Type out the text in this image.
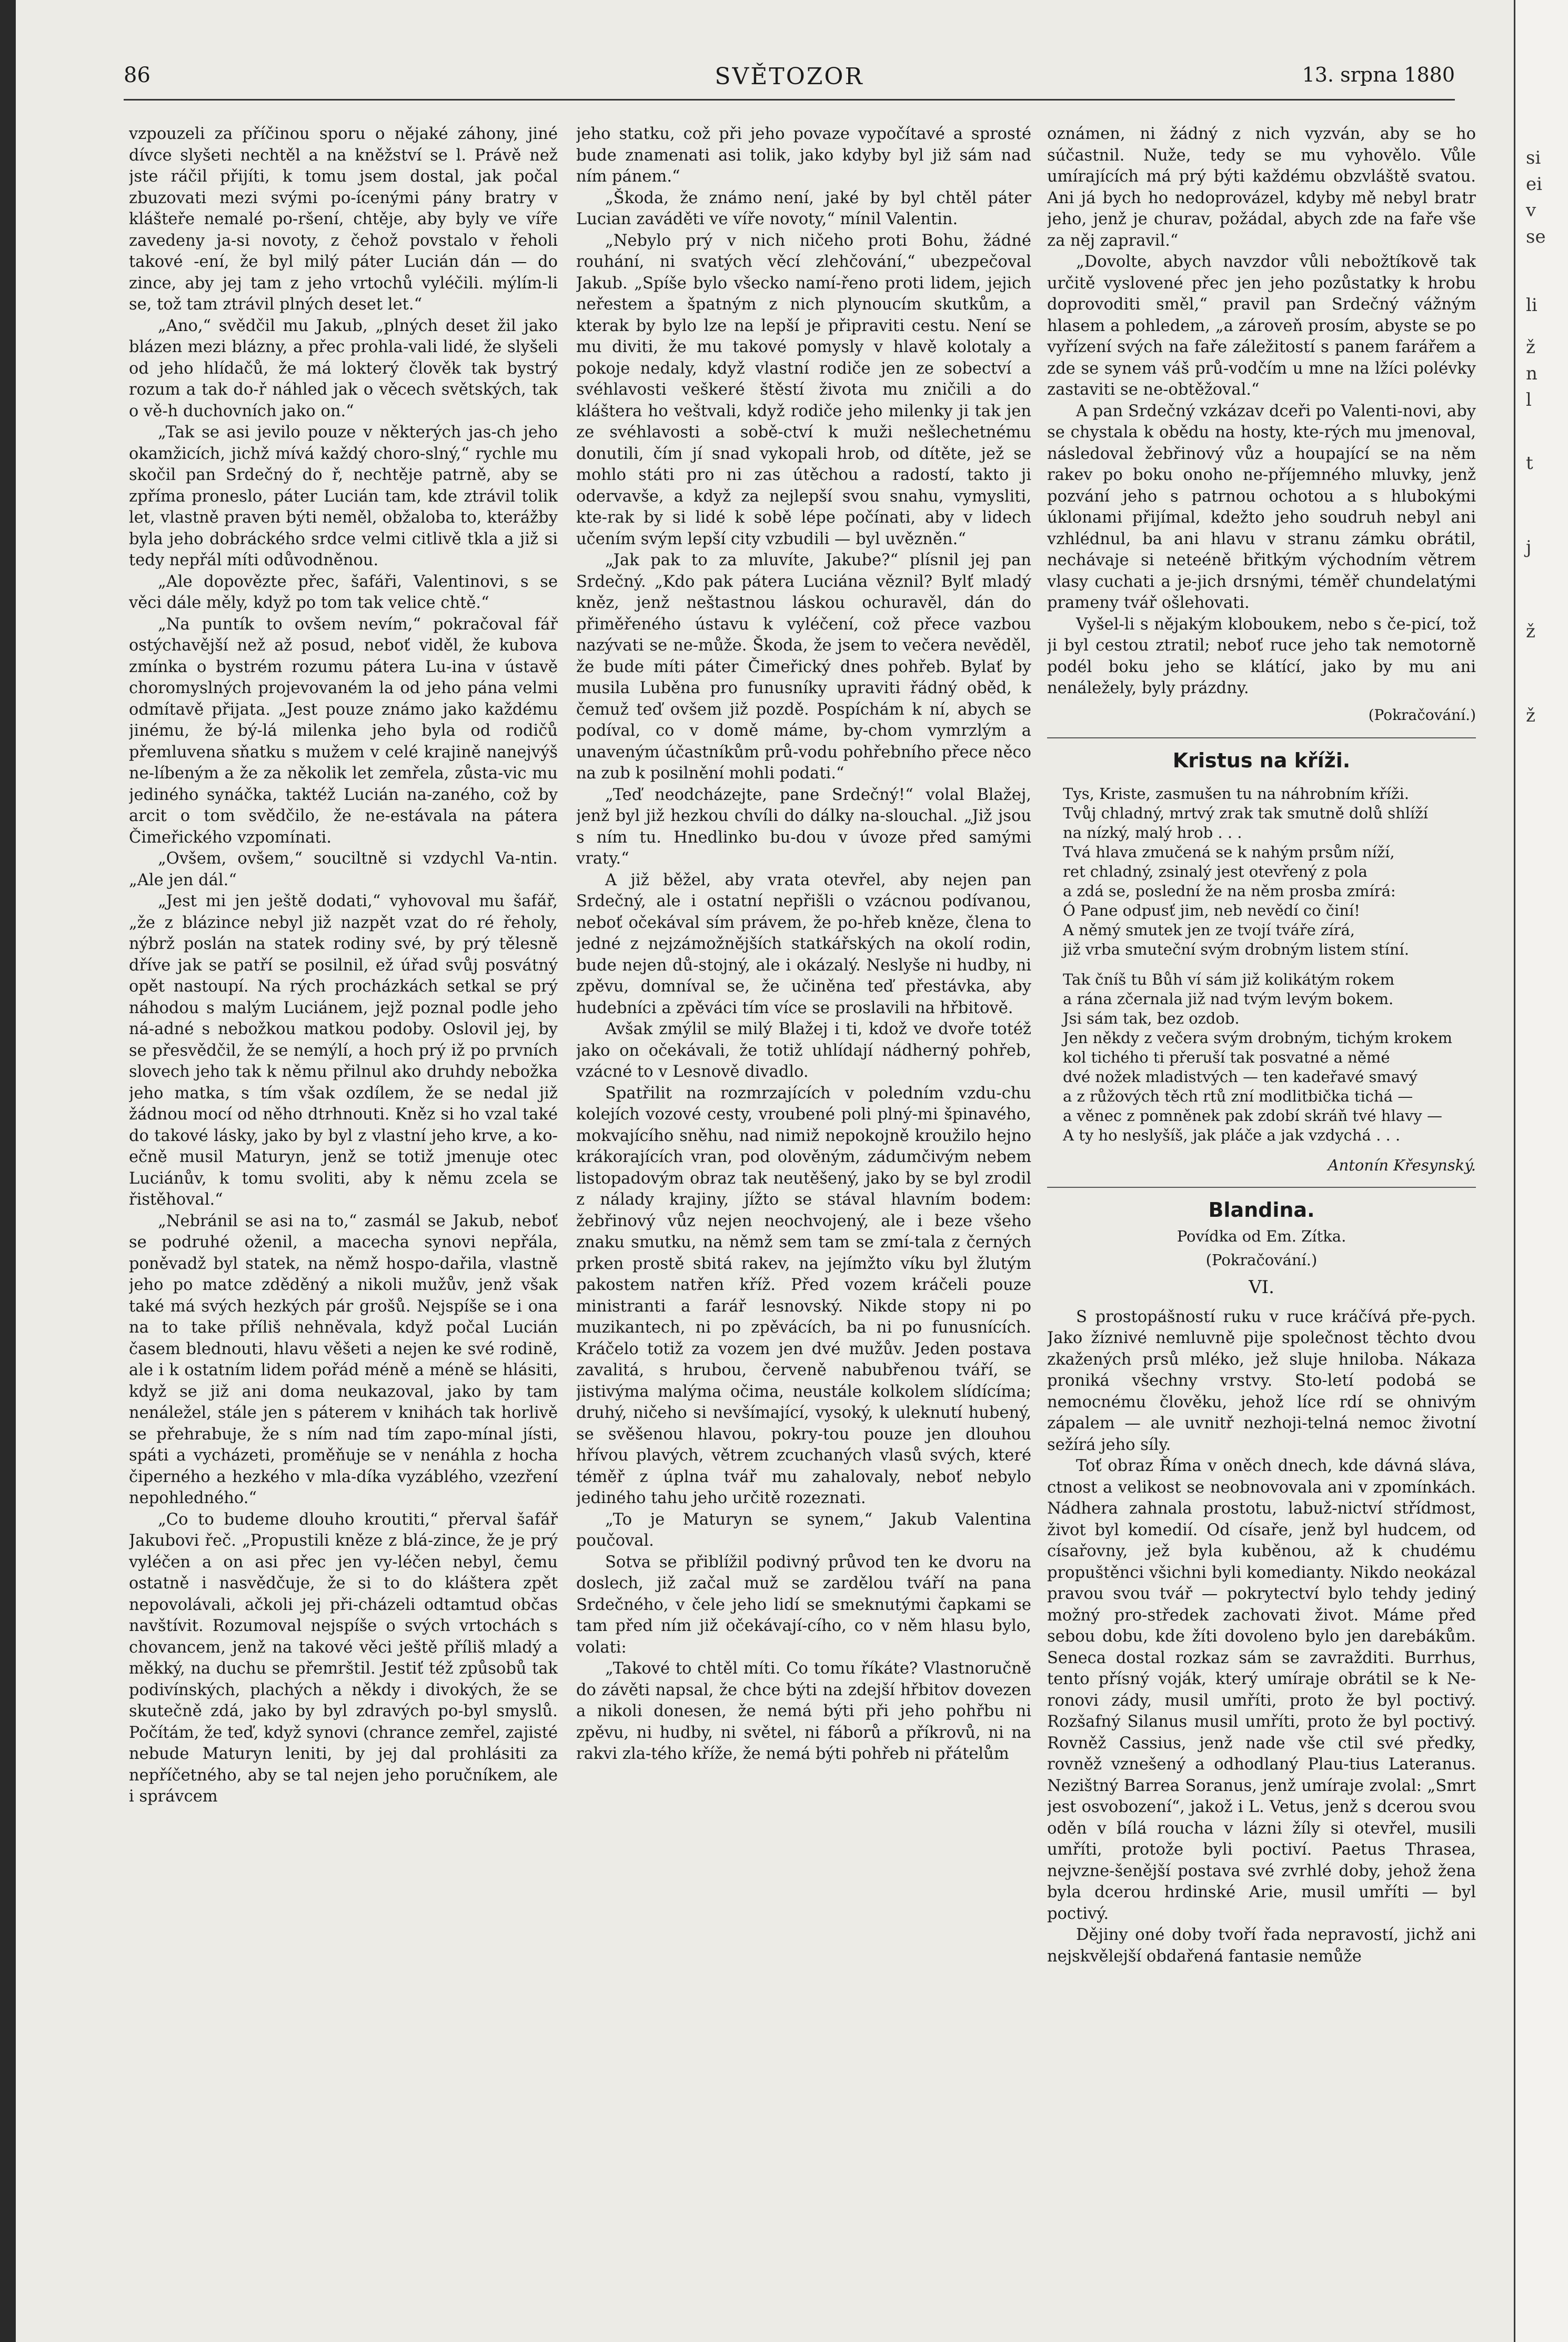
86	SVĚTOZOR	13. srpna 1880

vzpouzeli za příčinou sporu o nějaké záhony, jiné dívce slyšeti nechtěl a na kněžství se l. Právě než jste ráčil přijíti, k tomu jsem dostal, jak počal zbuzovati mezi svými po-ícenými pány bratry v klášteře nemalé po-ršení, chtěje, aby byly ve víře zavedeny ja-si novoty, z čehož povstalo v řeholi takové -ení, že byl milý páter Lucián dán — do zince, aby jej tam z jeho vrtochů vyléčili. mýlím-li se, tož tam ztrávil plných deset let.“

„Ano,“ svědčil mu Jakub, „plných deset žil jako blázen mezi blázny, a přec prohla-vali lidé, že slyšeli od jeho hlídačů, že má lokterý člověk tak bystrý rozum a tak do-ř náhled jak o věcech světských, tak o vě-h duchovních jako on.“

„Tak se asi jevilo pouze v některých jas-ch jeho okamžicích, jichž mívá každý choro-slný,“ rychle mu skočil pan Srdečný do ř, nechtěje patrně, aby se zpříma proneslo, páter Lucián tam, kde ztrávil tolik let, vlastně praven býti neměl, obžaloba to, kterážby byla jeho dobráckého srdce velmi citlivě tkla a již si tedy nepřál míti odůvodněnou.

„Ale dopovězte přec, šafáři, Valentinovi, s se věci dále měly, když po tom tak velice chtě.“

„Na puntík to ovšem nevím,“ pokračoval fář ostýchavější než až posud, neboť viděl, že kubova zmínka o bystrém rozumu pátera Lu-ina v ústavě choromyslných projevovaném la od jeho pána velmi odmítavě přijata. „Jest pouze známo jako každému jinému, že bý-lá milenka jeho byla od rodičů přemluvena sňatku s mužem v celé krajině nanejvýš ne-líbeným a že za několik let zemřela, zůsta-vic mu jediného synáčka, taktéž Lucián na-zaného, což by arcit o tom svědčilo, že ne-estávala na pátera Čimeřického vzpomínati.

„Ovšem, ovšem,“ souciltně si vzdychl Va-ntin. „Ale jen dál.“

„Jest mi jen ještě dodati,“ vyhovoval mu šafář, „že z blázince nebyl již nazpět vzat do ré řeholy, nýbrž poslán na statek rodiny své, by prý tělesně dříve jak se patří se posilnil, ež úřad svůj posvátný opět nastoupí. Na rých procházkách setkal se prý náhodou s malým Luciánem, jejž poznal podle jeho ná-adné s nebožkou matkou podoby. Oslovil jej, by se přesvědčil, že se nemýlí, a hoch prý iž po prvních slovech jeho tak k němu přilnul ako druhdy nebožka jeho matka, s tím však ozdílem, že se nedal již žádnou mocí od něho dtrhnouti. Kněz si ho vzal také do takové lásky, jako by byl z vlastní jeho krve, a ko-ečně musil Maturyn, jenž se totiž jmenuje otec Luciánův, k tomu svoliti, aby k němu zcela se řistěhoval.“

„Nebránil se asi na to,“ zasmál se Jakub, neboť se podruhé oženil, a macecha synovi nepřála, poněvadž byl statek, na němž hospo-dařila, vlastně jeho po matce zděděný a nikoli mužův, jenž však také má svých hezkých pár grošů. Nejspíše se i ona na to take příliš nehněvala, když počal Lucián časem blednouti, hlavu věšeti a nejen ke své rodině, ale i k ostatním lidem pořád méně a méně se hlásiti, když se již ani doma neukazoval, jako by tam nenáležel, stále jen s páterem v knihách tak horlivě se přehrabuje, že s ním nad tím zapo-mínal jísti, spáti a vycházeti, proměňuje se v nenáhla z hocha čiperného a hezkého v mla-díka vyzáblého, vzezření nepohledného.“

„Co to budeme dlouho kroutiti,“ přerval šafář Jakubovi řeč. „Propustili kněze z blá-zince, že je prý vyléčen a on asi přec jen vy-léčen nebyl, čemu ostatně i nasvědčuje, že si to do kláštera zpět nepovolávali, ačkoli jej při-cházeli odtamtud občas navštívit. Rozumoval nejspíše o svých vrtochách s chovancem, jenž na takové věci ještě příliš mladý a měkký, na duchu se přemrštil. Jestiť též způsobů tak podivínských, plachých a někdy i divokých, že se skutečně zdá, jako by byl zdravých po-byl smyslů. Počítám, že teď, když synovi (chrance zemřel, zajisté nebude Maturyn leniti, by jej dal prohlásiti za nepříčetného, aby se tal nejen jeho poručníkem, ale i správcem

jeho statku, což při jeho povaze vypočítavé a sprosté bude znamenati asi tolik, jako kdyby byl již sám nad ním pánem.“

„Škoda, že známo není, jaké by byl chtěl páter Lucian zaváděti ve víře novoty,“ mínil Valentin.

„Nebylo prý v nich ničeho proti Bohu, žádné rouhání, ni svatých věcí zlehčování,“ ubezpečoval Jakub. „Spíše bylo všecko namí-řeno proti lidem, jejich neřestem a špatným z nich plynoucím skutkům, a kterak by bylo lze na lepší je připraviti cestu. Není se mu diviti, že mu takové pomysly v hlavě kolotaly a pokoje nedaly, když vlastní rodiče jen ze sobectví a svéhlavosti veškeré štěstí života mu zničili a do kláštera ho veštvali, když rodiče jeho milenky ji tak jen ze svéhlavosti a sobě-ctví k muži nešlechetnému donutili, čím jí snad vykopali hrob, od dítěte, jež se mohlo státi pro ni zas útěchou a radostí, takto ji odervavše, a když za nejlepší svou snahu, vymysliti, kte-rak by si lidé k sobě lépe počínati, aby v lidech učením svým lepší city vzbudili — byl uvězněn.“

„Jak pak to za mluvíte, Jakube?“ plísnil jej pan Srdečný. „Kdo pak pátera Luciána věznil? Bylť mladý kněz, jenž neštastnou láskou ochuravěl, dán do přiměřeného ústavu k vyléčení, což přece vazbou nazývati se ne-může. Škoda, že jsem to večera nevěděl, že bude míti páter Čimeřický dnes pohřeb. Bylať by musila Luběna pro funusníky upraviti řádný oběd, k čemuž teď ovšem již pozdě. Pospíchám k ní, abych se podíval, co v domě máme, by-chom vymrzlým a unaveným účastníkům prů-vodu pohřebního přece něco na zub k posilnění mohli podati.“

„Teď neodcházejte, pane Srdečný!“ volal Blažej, jenž byl již hezkou chvíli do dálky na-slouchal. „Již jsou s ním tu. Hnedlinko bu-dou v úvoze před samými vraty.“

A již běžel, aby vrata otevřel, aby nejen pan Srdečný, ale i ostatní nepřišli o vzácnou podívanou, neboť očekával sím právem, že po-hřeb kněze, člena to jedné z nejzámožnějších statkářských na okolí rodin, bude nejen dů-stojný, ale i okázalý. Neslyše ni hudby, ni zpěvu, domníval se, že učiněna teď přestávka, aby hudebníci a zpěváci tím více se proslavili na hřbitově.

Avšak zmýlil se milý Blažej i ti, kdož ve dvoře totéž jako on očekávali, že totiž uhlídají nádherný pohřeb, vzácné to v Lesnově divadlo.

Spatřilit na rozmrzajících v poledním vzdu-chu kolejích vozové cesty, vroubené poli plný-mi špinavého, mokvajícího sněhu, nad nimiž nepokojně kroužilo hejno krákorajících vran, pod olověným, zádumčivým nebem listopadovým obraz tak neutěšený, jako by se byl zrodil z nálady krajiny, jížto se stával hlavním bodem: žebřinový vůz nejen neochvojený, ale i beze všeho znaku smutku, na němž sem tam se zmí-tala z černých prken prostě sbitá rakev, na jejímžto víku byl žlutým pakostem natřen kříž. Před vozem kráčeli pouze ministranti a farář lesnovský. Nikde stopy ni po muzikantech, ni po zpěvácích, ba ni po funusnících. Kráčelo totiž za vozem jen dvé mužův. Jeden postava zavalitá, s hrubou, červeně nabubřenou tváří, se jistivýma malýma očima, neustále kolkolem slídícíma; druhý, ničeho si nevšímající, vysoký, k uleknutí hubený, se svěšenou hlavou, pokry-tou pouze jen dlouhou hřívou plavých, větrem zcuchaných vlasů svých, které téměř z úplna tvář mu zahalovaly, neboť nebylo jediného tahu jeho určitě rozeznati.

„To je Maturyn se synem,“ Jakub Valentina poučoval.

Sotva se přiblížil podivný průvod ten ke dvoru na doslech, již začal muž se zardělou tváří na pana Srdečného, v čele jeho lidí se smeknutými čapkami se tam před ním již očekávají-cího, co v něm hlasu bylo, volati:

„Takové to chtěl míti. Co tomu říkáte? Vlastnoručně do závěti napsal, že chce býti na zdejší hřbitov dovezen a nikoli donesen, že nemá býti při jeho pohřbu ni zpěvu, ni hudby, ni světel, ni fáborů a příkrovů, ni na rakvi zla-tého kříže, že nemá býti pohřeb ni přátelům

oznámen, ni žádný z nich vyzván, aby se ho súčastnil. Nuže, tedy se mu vyhovělo. Vůle umírajících má prý býti každému obzvláště svatou. Ani já bych ho nedoprovázel, kdyby mě nebyl bratr jeho, jenž je churav, požádal, abych zde na faře vše za něj zapravil.“

„Dovolte, abych navzdor vůli nebožtíkově tak určitě vyslovené přec jen jeho pozůstatky k hrobu doprovoditi směl,“ pravil pan Srdečný vážným hlasem a pohledem, „a zároveň prosím, abyste se po vyřízení svých na faře záležitostí s panem farářem a zde se synem váš prů-vodčím u mne na lžíci polévky zastaviti se ne-obtěžoval.“

A pan Srdečný vzkázav dceři po Valenti-novi, aby se chystala k obědu na hosty, kte-rých mu jmenoval, následoval žebřinový vůz a houpající se na něm rakev po boku onoho ne-příjemného mluvky, jenž pozvání jeho s patrnou ochotou a s hlubokými úklonami přijímal, kdežto jeho soudruh nebyl ani vzhlédnul, ba ani hlavu v stranu zámku obrátil, nechávaje si neteéně břitkým východním větrem vlasy cuchati a je-jich drsnými, téměř chundelatými prameny tvář ošlehovati.

Vyšel-li s nějakým kloboukem, nebo s če-picí, tož ji byl cestou ztratil; neboť ruce jeho tak nemotorně podél boku jeho se klátící, jako by mu ani nenáležely, byly prázdny.

(Pokračování.)
Kristus na kříži.
Tys, Kriste, zasmušen tu na náhrobním kříži.
Tvůj chladný, mrtvý zrak tak smutně dolů shlíží
na nízký, malý hrob . . .
Tvá hlava zmučená se k nahým prsům níží,
ret chladný, zsinalý jest otevřený z pola
a zdá se, poslední že na něm prosba zmírá:
Ó Pane odpusť jim, neb nevědí co činí!
A němý smutek jen ze tvojí tváře zírá,
již vrba smuteční svým drobným listem stíní.
Tak čníš tu Bůh ví sám již kolikátým rokem
a rána zčernala již nad tvým levým bokem.
Jsi sám tak, bez ozdob.
Jen někdy z večera svým drobným, tichým krokem
kol tichého ti přeruší tak posvatné a němé
dvé nožek mladistvých — ten kadeřavé smavý
a z růžových těch rtů zní modlitbička tichá —
a věnec z pomněnek pak zdobí skráň tvé hlavy —
A ty ho neslyšíš, jak pláče a jak vzdychá . . .
Antonín Křesynský.
Blandina.
Povídka od Em. Zítka.
(Pokračování.)
VI.

S prostopášností ruku v ruce kráčívá pře-pych. Jako žíznivé nemluvně pije společnost těchto dvou zkažených prsů mléko, jež sluje hniloba. Nákaza proniká všechny vrstvy. Sto-letí podobá se nemocnému člověku, jehož líce rdí se ohnivým zápalem — ale uvnitř nezhoji-telná nemoc životní sežírá jeho síly.

Toť obraz Říma v oněch dnech, kde dávná sláva, ctnost a velikost se neobnovovala ani v zpomínkách. Nádhera zahnala prostotu, labuž-nictví střídmost, život byl komedií. Od císaře, jenž byl hudcem, od císařovny, jež byla kuběnou, až k chudému propuštěnci všichni byli komedianty. Nikdo neokázal pravou svou tvář — pokrytectví bylo tehdy jediný možný pro-středek zachovati život. Máme před sebou dobu, kde žíti dovoleno bylo jen darebákům. Seneca dostal rozkaz sám se zavražditi. Burrhus, tento přísný voják, který umíraje obrátil se k Ne-ronovi zády, musil umříti, proto že byl poctivý. Rozšafný Silanus musil umříti, proto že byl poctivý. Rovněž Cassius, jenž nade vše ctil své předky, rovněž vznešený a odhodlaný Plau-tius Lateranus. Nezištný Barrea Soranus, jenž umíraje zvolal: „Smrt jest osvobození“, jakož i L. Vetus, jenž s dcerou svou oděn v bílá roucha v lázni žíly si otevřel, musili umříti, protože byli poctiví. Paetus Thrasea, nejvzne-šenější postava své zvrhlé doby, jehož žena byla dcerou hrdinské Arie, musil umříti — byl poctivý.

Dějiny oné doby tvoří řada nepravostí, jichž ani nejskvělejší obdařená fantasie nemůže

si
ei
v
se
li
ž
n
l
t
j
ž
ž
